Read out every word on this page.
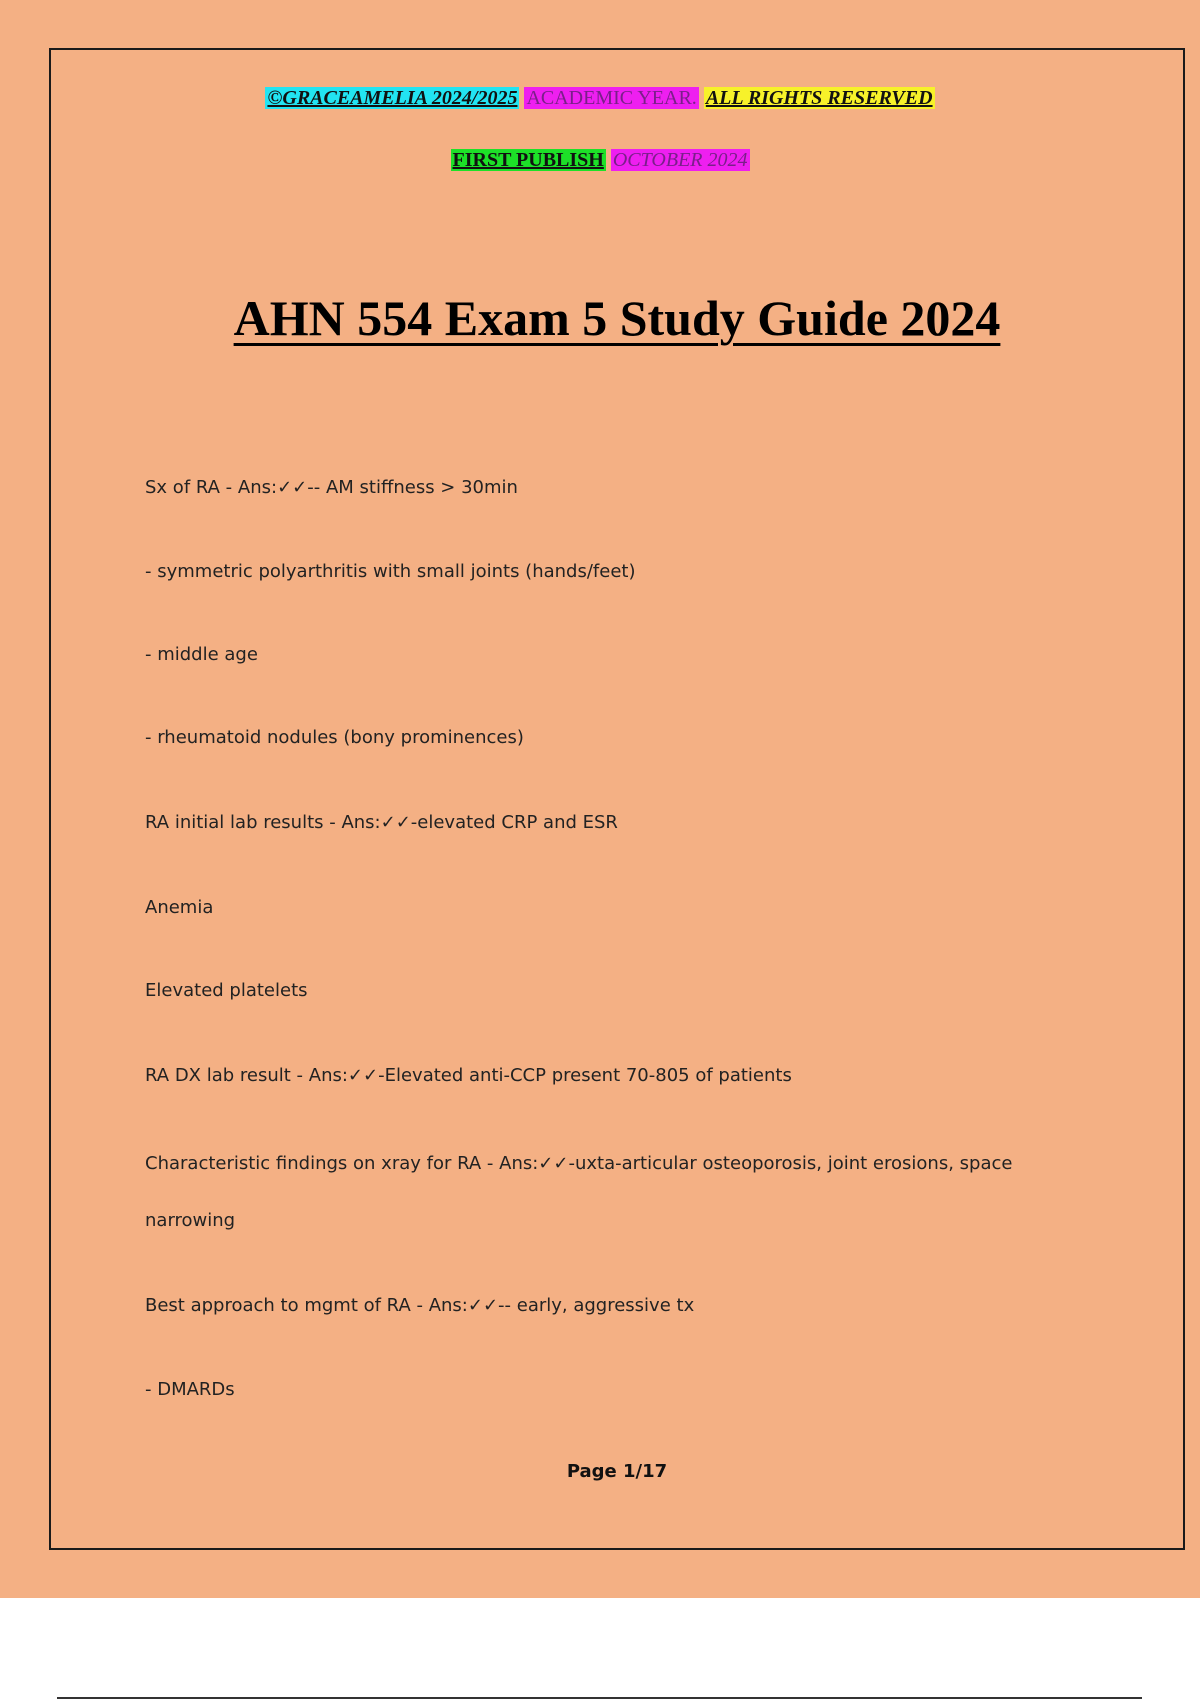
©GRACEAMELIA 2024/2025 ACADEMIC YEAR. ALL RIGHTS RESERVED
FIRST PUBLISH OCTOBER 2024
AHN 554 Exam 5 Study Guide 2024
Sx of RA - Ans:✓✓-- AM stiffness > 30min
- symmetric polyarthritis with small joints (hands/feet)
- middle age
- rheumatoid nodules (bony prominences)
RA initial lab results - Ans:✓✓-elevated CRP and ESR
Anemia
Elevated platelets
RA DX lab result - Ans:✓✓-Elevated anti-CCP present 70-805 of patients
Characteristic findings on xray for RA - Ans:✓✓-uxta-articular osteoporosis, joint erosions, space
narrowing
Best approach to mgmt of RA - Ans:✓✓-- early, aggressive tx
- DMARDs
Page 1/17
